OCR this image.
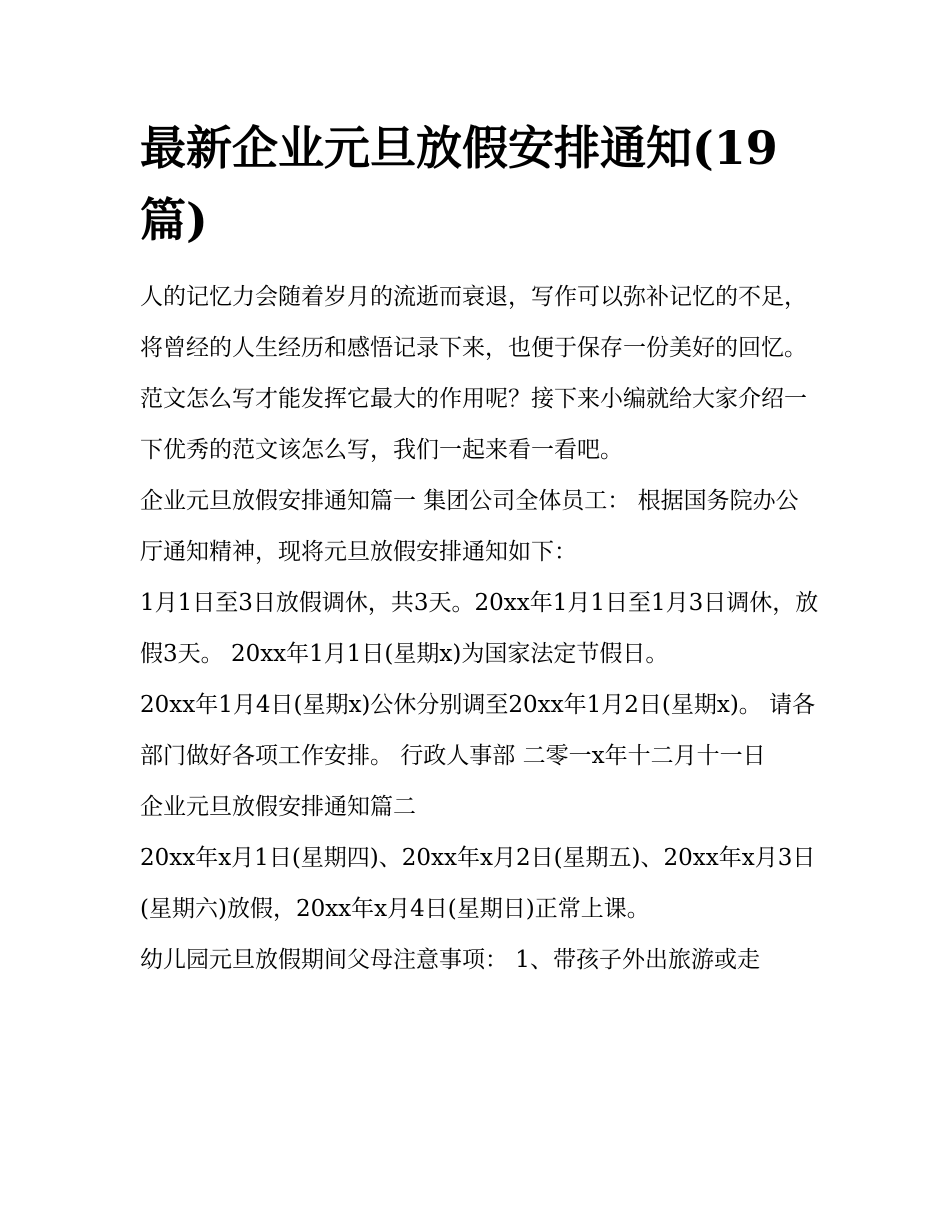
最新企业元旦放假安排通知(19
篇)

人的记忆力会随着岁月的流逝而衰退，写作可以弥补记忆的不足，将曾经的人生经历和感悟记录下来，也便于保存一份美好的回忆。范文怎么写才能发挥它最大的作用呢？接下来小编就给大家介绍一下优秀的范文该怎么写，我们一起来看一看吧。

企业元旦放假安排通知篇一 集团公司全体员工： 根据国务院办公厅通知精神，现将元旦放假安排通知如下：

1月1日至3日放假调休，共3天。20xx年1月1日至1月3日调休，放假3天。 20xx年1月1日(星期x)为国家法定节假日。

20xx年1月4日(星期x)公休分别调至20xx年1月2日(星期x)。 请各部门做好各项工作安排。 行政人事部 二零一x年十二月十一日

企业元旦放假安排通知篇二

20xx年x月1日(星期四)、20xx年x月2日(星期五)、20xx年x月3日(星期六)放假，20xx年x月4日(星期日)正常上课。

幼儿园元旦放假期间父母注意事项： 1、带孩子外出旅游或走
